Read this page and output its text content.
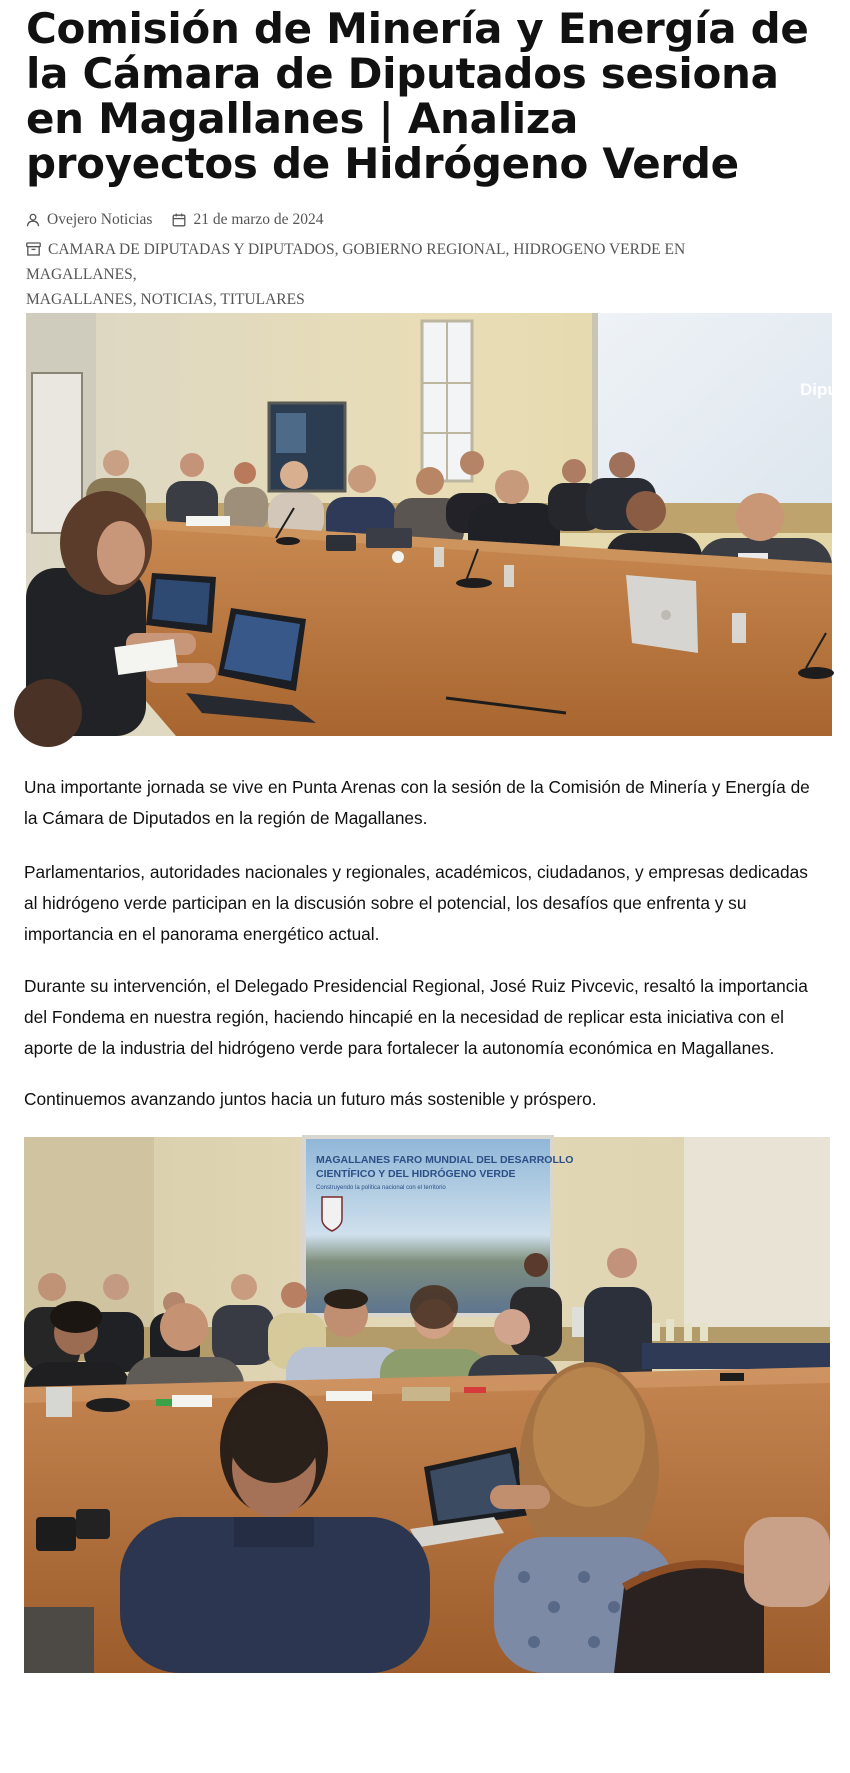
Comisión de Minería y Energía de la Cámara de Diputados sesiona en Magallanes | Analiza proyectos de Hidrógeno Verde
Ovejero Noticias	21 de marzo de 2024
CAMARA DE DIPUTADAS Y DIPUTADOS, GOBIERNO REGIONAL, HIDROGENO VERDE EN MAGALLANES,
MAGALLANES, NOTICIAS, TITULARES
Dipu

Una importante jornada se vive en Punta Arenas con la sesión de la Comisión de Minería y Energía de la Cámara de Diputados en la región de Magallanes.

Parlamentarios, autoridades nacionales y regionales, académicos, ciudadanos, y empresas dedicadas al hidrógeno verde participan en la discusión sobre el potencial, los desafíos que enfrenta y su importancia en el panorama energético actual.

Durante su intervención, el Delegado Presidencial Regional, José Ruiz Pivcevic, resaltó la importancia del Fondema en nuestra región, haciendo hincapié en la necesidad de replicar esta iniciativa con el aporte de la industria del hidrógeno verde para fortalecer la autonomía económica en Magallanes.

Continuemos avanzando juntos hacia un futuro más sostenible y próspero.

MAGALLANES FARO MUNDIAL DEL DESARROLLO
CIENTÍFICO Y DEL HIDRÓGENO VERDE
Construyendo la política nacional con el territorio
